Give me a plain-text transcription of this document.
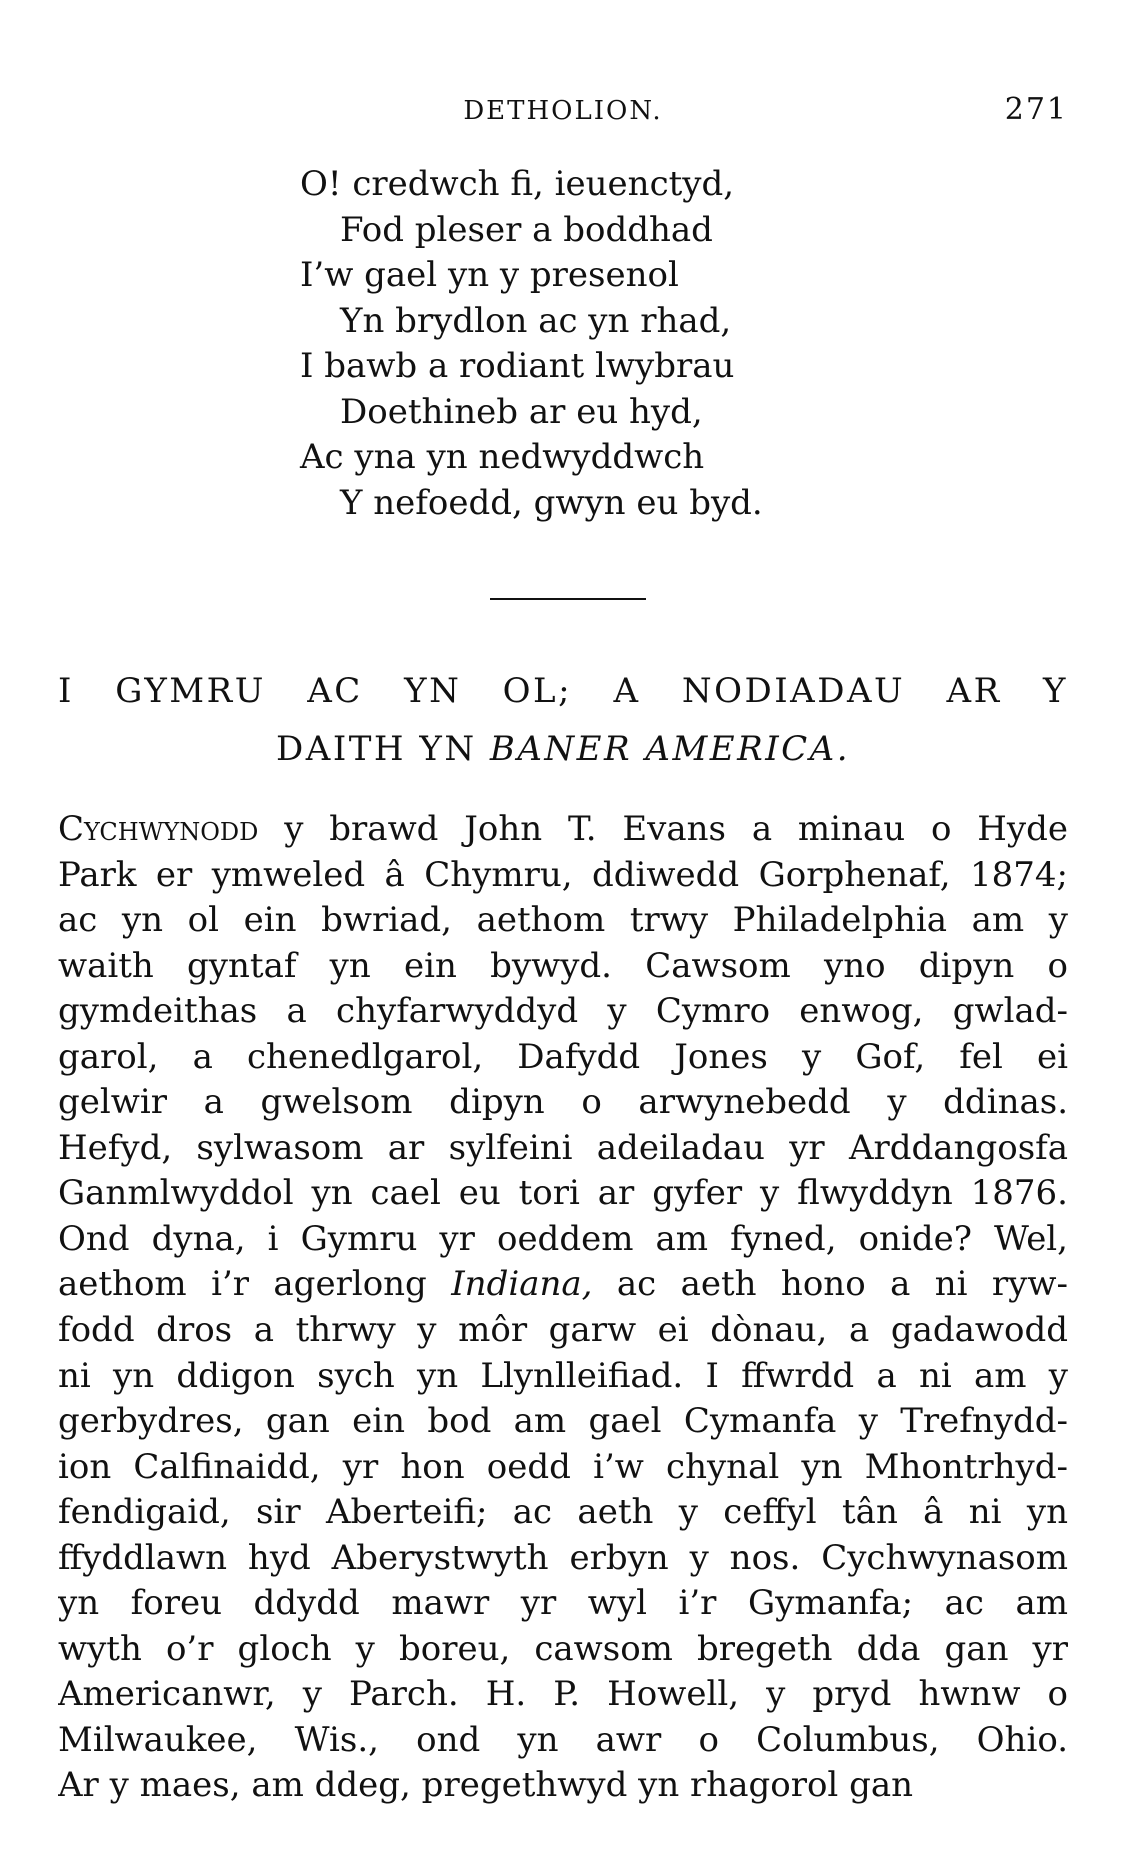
DETHOLION.	271
O! credwch fi, ieuenctyd,
Fod pleser a boddhad
I’w gael yn y presenol
Yn brydlon ac yn rhad,
I bawb a rodiant lwybrau
Doethineb ar eu hyd,
Ac yna yn nedwyddwch
Y nefoedd, gwyn eu byd.
I GYMRU AC YN OL; A NODIADAU AR Y
DAITH YN BANER AMERICA.
Cychwynodd y brawd John T. Evans a minau o Hyde
Park er ymweled â Chymru, ddiwedd Gorphenaf, 1874;
ac yn ol ein bwriad, aethom trwy Philadelphia am y
waith gyntaf yn ein bywyd. Cawsom yno dipyn o
gymdeithas a chyfarwyddyd y Cymro enwog, gwlad-
garol, a chenedlgarol, Dafydd Jones y Gof, fel ei
gelwir a gwelsom dipyn o arwynebedd y ddinas.
Hefyd, sylwasom ar sylfeini adeiladau yr Arddangosfa
Ganmlwyddol yn cael eu tori ar gyfer y flwyddyn 1876.
Ond dyna, i Gymru yr oeddem am fyned, onide? Wel,
aethom i’r agerlong Indiana, ac aeth hono a ni ryw-
fodd dros a thrwy y môr garw ei dònau, a gadawodd
ni yn ddigon sych yn Llynlleifiad. I ffwrdd a ni am y
gerbydres, gan ein bod am gael Cymanfa y Trefnydd-
ion Calfinaidd, yr hon oedd i’w chynal yn Mhontrhyd-
fendigaid, sir Aberteifi; ac aeth y ceffyl tân â ni yn
ffyddlawn hyd Aberystwyth erbyn y nos. Cychwynasom
yn foreu ddydd mawr yr wyl i’r Gymanfa; ac am
wyth o’r gloch y boreu, cawsom bregeth dda gan yr
Americanwr, y Parch. H. P. Howell, y pryd hwnw o
Milwaukee, Wis., ond yn awr o Columbus, Ohio.
Ar y maes, am ddeg, pregethwyd yn rhagorol gan
